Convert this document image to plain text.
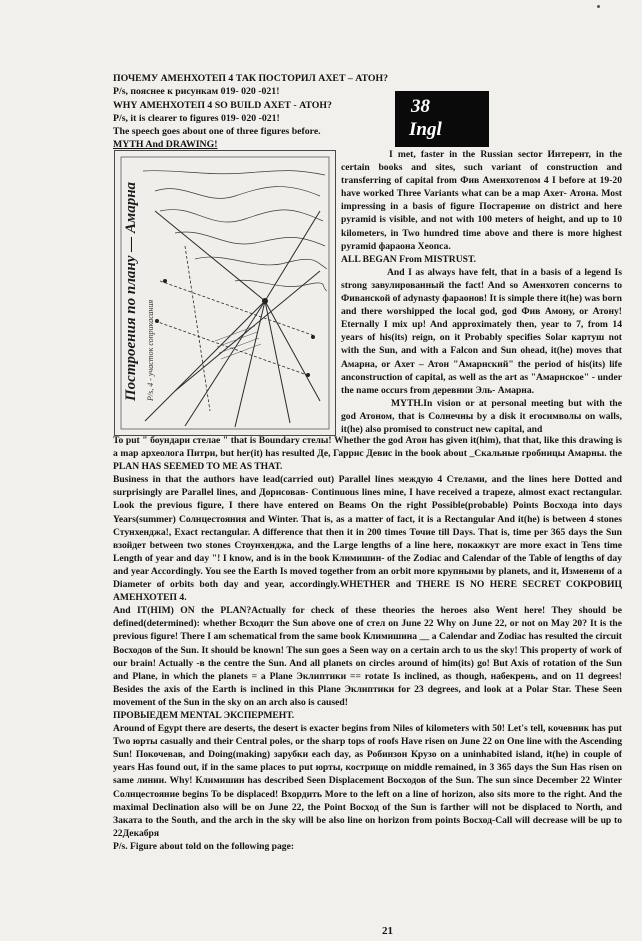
ПОЧЕМУ АМЕНХОТЕП 4 ТАК ПОСТОРИЛ АХЕТ – АТОН?
P/s, пояснее к рисункам 019- 020 -021!
WHY АМЕНХОТЕП 4 SO BUILD АХЕТ - АТОН?
P/s, it is clearer to figures 019- 020 -021!
The speech goes about one of three figures before.
MYTH And DRAWING!
38
Ingl
Построения по плану — Амарна Р/s, 4 - участок соприкасания

I met, faster in the Russian sector Интерент, in the certain books and sites, such variant of construction and transferring of capital from Фив Аменхотепом 4 I before at 19-20 have worked Three Variants what can be a map Ахет- Атона. Most impressing in a basis of figure Постарение on district and here pyramid is visible, and not with 100 meters of height, and up to 10 kilometers, in Two hundred time above and there is more highest pyramid фараона Хеопса.

ALL BEGAN From MISTRUST.

And I as always have felt, that in a basis of a legend Is strong завулированный the fact! And so Аменхотеп concerns to Фиванской of adynasty фараонов! It is simple there it(he) was born and there worshipped the local god, god Фив Амону, or Атону! Eternally I mix up! And approximately then, year to 7, from 14 years of his(its) reign, on it Probably specifies Solar картуш not with the Sun, and with a Falcon and Sun ohead, it(he) moves that Амарна, or Ахет – Атон "Амарнский" the period of his(its) life anconstruction of capital, as well as the art as "Амарнское" - under the name occurs from деревнии Эль- Амарна.

MYTH.In vision or at personal meeting but with the god Атоном, that is Солнечны by a disk it егосимволы on walls, it(he) also promised to construct new capital, and

To put " боундари стелае " that is Boundary стелы! Whether the god Атон has given it(him), that that, like this drawing is a map археолога Питри, but her(it) has resulted Де, Гаррис Девис in the book about _Скальные гробницы Амарны. the PLAN HAS SEEMED TO ME AS THAT.

Business in that the authors have lead(carried out) Parallel lines междую 4 Стелами, and the lines here Dotted and surprisingly are Parallel lines, and Дорисовав- Continuous lines mine, I have received a trapeze, almost exact rectangular. Look the previous figure, I there have entered on Beams On the right Possible(probable) Points Восхода into days Years(summer) Солнцестояния and Winter. That is, as a matter of fact, it is a Rectangular And it(he) is between 4 stones Стунхенджа!, Exact rectangular. A difference that then it in 200 times Точие till Days. That is, time per 365 days the Sun взойдет between two stones Стоунхенджа, and the Large lengths of a line here, покажкут are more exact in Tens time Length of year and day "! I know, and is in the book Климишин- of the Zodiac and Calendar of the Table of lengths of day and year Accordingly. You see the Earth Is moved together from an orbit more крупными by planets, and it, Изменени of a Diameter of orbits both day and year, accordingly.WHETHER and THERE IS NO HERE SECRET СОКРОВИЦ АМЕНХОТЕП 4.

And IT(HIM) ON the PLAN?Actually for check of these theories the heroes also Went here! They should be defined(determined): whether Всходит the Sun above one of стел on June 22 Why on June 22, or not on May 20? It is the previous figure! There I am schematical from the same book Климишина __ a Calendar and Zodiac has resulted the circuit Восходов of the Sun. It should be known! The sun goes a Seen way on a certain arch to us the sky! This property of work of our brain! Actually -в the centre the Sun. And all planets on circles around of him(its) go! But Axis of rotation of the Sun and Plane, in which the planets = a Plane Эклиптики == rotate Is inclined, as though, набекрень, and on 11 degrees! Besides the axis of the Earth is inclined in this Plane Эклиптики for 23 degrees, and look at a Polar Star. These Seen movement of the Sun in the sky on an arch also is caused!

ПРОВЫЕДЕМ MENTAL ЭКСПЕРМЕНТ.

Around of Egypt there are deserts, the desert is exacter begins from Niles of kilometers with 50! Let's tell, кочевник has put Two юрты casually and their Central poles, or the sharp tops of roofs Have risen on June 22 on One line with the Ascending Sun! Покочевав, and Doing(making) зарубки each day, as Робинзон Крузо on a uninhabited island, it(he) in couple of years Has found out, if in the same places to put юрты, кострище on middle remained, in 3 365 days the Sun Has risen on same линии. Why! Климишин has described Seen Displacement Восходов of the Sun. The sun since December 22 Winter Солнцестояние begins To be displaced! Вхордить More to the left on a line of horizon, also sits more to the right. And the maximal Declination also will be on June 22, the Point Восход of the Sun is farther will not be displaced to North, and Закатa to the South, and the arch in the sky will be also line on horizon from points Восход-Call will decrease will be up to 22Декабря

P/s. Figure about told on the following page:

21
